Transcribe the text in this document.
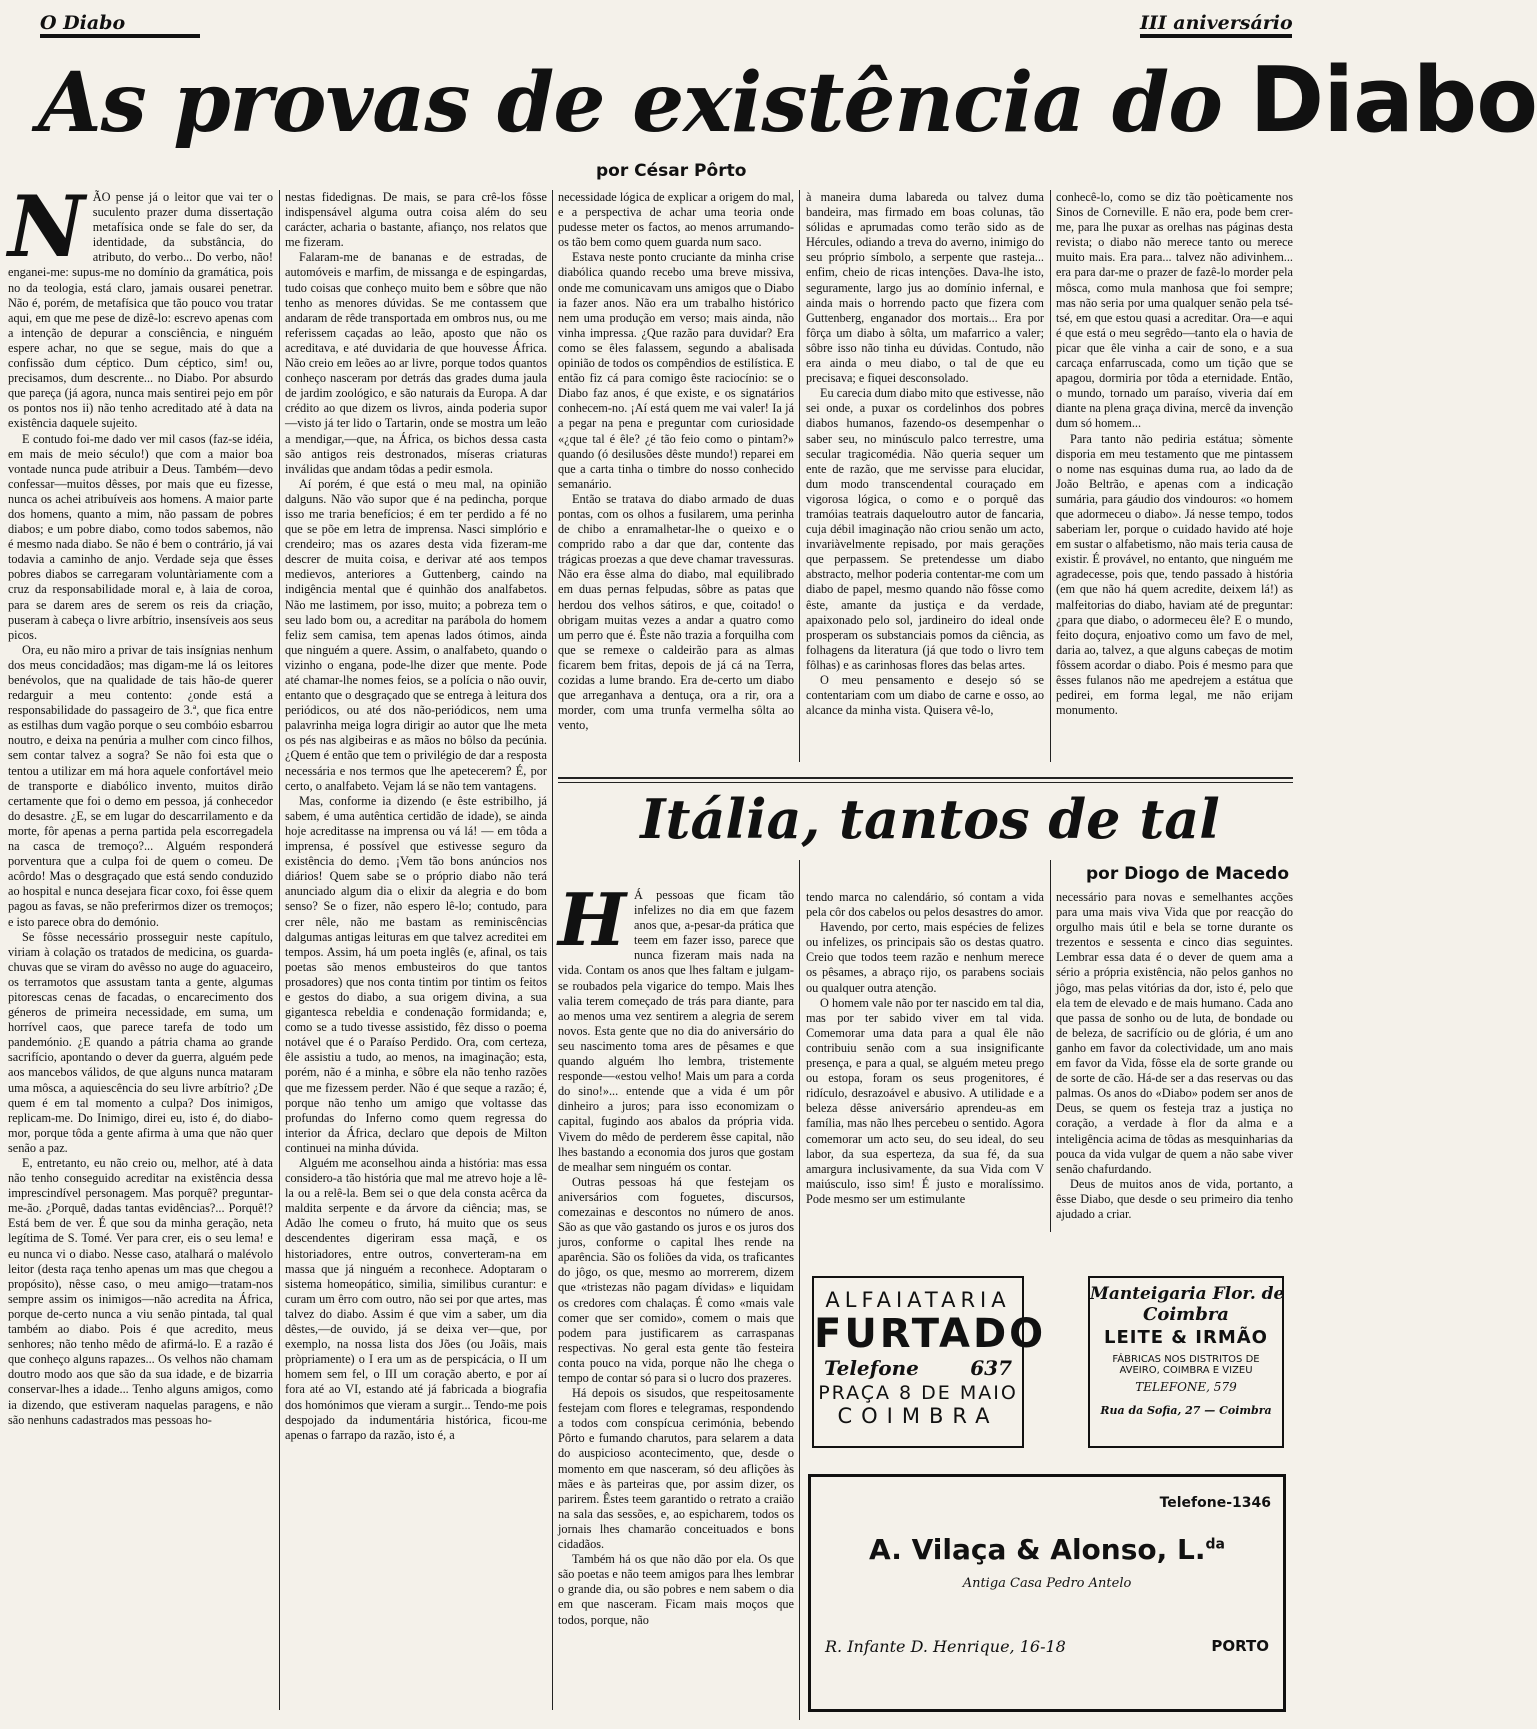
O Diabo	III aniversário
As provas de existência do Diabo
por César Pôrto
N ÃO pense já o leitor que vai ter o suculento prazer duma dissertação metafísica onde se fale do ser, da identidade, da substância, do atributo, do verbo... Do verbo, não! enganei-me: supus-me no domínio da gramática, pois no da teologia, está claro, jamais ousarei penetrar. Não é, porém, de metafísica que tão pouco vou tratar aqui, em que me pese de dizê-lo: escrevo apenas com a intenção de depurar a consciência, e ninguém espere achar, no que se segue, mais do que a confissão dum céptico. Dum céptico, sim! ou, precisamos, dum descrente... no Diabo. Por absurdo que pareça (já agora, nunca mais sentirei pejo em pôr os pontos nos ii) não tenho acreditado até à data na existência daquele sujeito.

E contudo foi-me dado ver mil casos (faz-se idéia, em mais de meio século!) que com a maior boa vontade nunca pude atribuir a Deus. Também—devo confessar—muitos dêsses, por mais que eu fizesse, nunca os achei atribuíveis aos homens. A maior parte dos homens, quanto a mim, não passam de pobres diabos; e um pobre diabo, como todos sabemos, não é mesmo nada diabo. Se não é bem o contrário, já vai todavia a caminho de anjo. Verdade seja que êsses pobres diabos se carregaram voluntàriamente com a cruz da responsabilidade moral e, à laia de coroa, para se darem ares de serem os reis da criação, puseram à cabeça o livre arbítrio, insensíveis aos seus picos.

Ora, eu não miro a privar de tais insígnias nenhum dos meus concidadãos; mas digam-me lá os leitores benévolos, que na qualidade de tais hão-de querer redarguir a meu contento: ¿onde está a responsabilidade do passageiro de 3.ª, que fica entre as estilhas dum vagão porque o seu combóio esbarrou noutro, e deixa na penúria a mulher com cinco filhos, sem contar talvez a sogra? Se não foi esta que o tentou a utilizar em má hora aquele confortável meio de transporte e diabólico invento, muitos dirão certamente que foi o demo em pessoa, já conhecedor do desastre. ¿E, se em lugar do descarrilamento e da morte, fôr apenas a perna partida pela escorregadela na casca de tremoço?... Alguém responderá porventura que a culpa foi de quem o comeu. De acôrdo! Mas o desgraçado que está sendo conduzido ao hospital e nunca desejara ficar coxo, foi êsse quem pagou as favas, se não preferirmos dizer os tremoços; e isto parece obra do demónio.

Se fôsse necessário prosseguir neste capítulo, viriam à colação os tratados de medicina, os guarda-chuvas que se viram do avêsso no auge do aguaceiro, os terramotos que assustam tanta a gente, algumas pitorescas cenas de facadas, o encarecimento dos géneros de primeira necessidade, em suma, um horrível caos, que parece tarefa de todo um pandemónio. ¿E quando a pátria chama ao grande sacrifício, apontando o dever da guerra, alguém pede aos mancebos válidos, de que alguns nunca mataram uma môsca, a aquiescência do seu livre arbítrio? ¿De quem é em tal momento a culpa? Dos inimigos, replicam-me. Do Inimigo, direi eu, isto é, do diabo-mor, porque tôda a gente afirma à uma que não quer senão a paz.

E, entretanto, eu não creio ou, melhor, até à data não tenho conseguido acreditar na existência dessa imprescindível personagem. Mas porquê? preguntar-me-ão. ¿Porquê, dadas tantas evidências?... Porquê!? Está bem de ver. É que sou da minha geração, neta legítima de S. Tomé. Ver para crer, eis o seu lema! e eu nunca vi o diabo. Nesse caso, atalhará o malévolo leitor (desta raça tenho apenas um mas que chegou a propósito), nêsse caso, o meu amigo—tratam-nos sempre assim os inimigos—não acredita na África, porque de-certo nunca a viu senão pintada, tal qual também ao diabo. Pois é que acredito, meus senhores; não tenho mêdo de afirmá-lo. E a razão é que conheço alguns rapazes... Os velhos não chamam doutro modo aos que são da sua idade, e de bizarria conservar-lhes a idade... Tenho alguns amigos, como ia dizendo, que estiveram naquelas paragens, e não são nenhuns cadastrados mas pessoas ho-

nestas fidedignas. De mais, se para crê-los fôsse indispensável alguma outra coisa além do seu carácter, acharia o bastante, afianço, nos relatos que me fizeram.

Falaram-me de bananas e de estradas, de automóveis e marfim, de missanga e de espingardas, tudo coisas que conheço muito bem e sôbre que não tenho as menores dúvidas. Se me contassem que andaram de rêde transportada em ombros nus, ou me referissem caçadas ao leão, aposto que não os acreditava, e até duvidaria de que houvesse África. Não creio em leões ao ar livre, porque todos quantos conheço nasceram por detrás das grades duma jaula de jardim zoológico, e são naturais da Europa. A dar crédito ao que dizem os livros, ainda poderia supor—visto já ter lido o Tartarin, onde se mostra um leão a mendigar,—que, na África, os bichos dessa casta são antigos reis destronados, míseras criaturas inválidas que andam tôdas a pedir esmola.

Aí porém, é que está o meu mal, na opinião dalguns. Não vão supor que é na pedincha, porque isso me traria benefícios; é em ter perdido a fé no que se põe em letra de imprensa. Nasci simplório e crendeiro; mas os azares desta vida fizeram-me descrer de muita coisa, e derivar até aos tempos medievos, anteriores a Guttenberg, caindo na indigência mental que é quinhão dos analfabetos. Não me lastimem, por isso, muito; a pobreza tem o seu lado bom ou, a acreditar na parábola do homem feliz sem camisa, tem apenas lados ótimos, ainda que ninguém a quere. Assim, o analfabeto, quando o vizinho o engana, pode-lhe dizer que mente. Pode até chamar-lhe nomes feios, se a polícia o não ouvir, entanto que o desgraçado que se entrega à leitura dos periódicos, ou até dos não-periódicos, nem uma palavrinha meiga logra dirigir ao autor que lhe meta os pés nas algibeiras e as mãos no bôlso da pecúnia. ¿Quem é então que tem o privilégio de dar a resposta necessária e nos termos que lhe apetecerem? É, por certo, o analfabeto. Vejam lá se não tem vantagens.

Mas, conforme ia dizendo (e êste estribilho, já sabem, é uma autêntica certidão de idade), se ainda hoje acreditasse na imprensa ou vá lá! — em tôda a imprensa, é possível que estivesse seguro da existência do demo. ¡Vem tão bons anúncios nos diários! Quem sabe se o próprio diabo não terá anunciado algum dia o elixir da alegria e do bom senso? Se o fizer, não espero lê-lo; contudo, para crer nêle, não me bastam as reminiscências dalgumas antigas leituras em que talvez acreditei em tempos. Assim, há um poeta inglês (e, afinal, os tais poetas são menos embusteiros do que tantos prosadores) que nos conta tintim por tintim os feitos e gestos do diabo, a sua origem divina, a sua gigantesca rebeldia e condenação formidanda; e, como se a tudo tivesse assistido, fêz disso o poema notável que é o Paraíso Perdido. Ora, com certeza, êle assistiu a tudo, ao menos, na imaginação; esta, porém, não é a minha, e sôbre ela não tenho razões que me fizessem perder. Não é que seque a razão; é, porque não tenho um amigo que voltasse das profundas do Inferno como quem regressa do interior da África, declaro que depois de Milton continuei na minha dúvida.

Alguém me aconselhou ainda a história: mas essa considero-a tão história que mal me atrevo hoje a lê-la ou a relê-la. Bem sei o que dela consta acêrca da maldita serpente e da árvore da ciência; mas, se Adão lhe comeu o fruto, há muito que os seus descendentes digeriram essa maçã, e os historiadores, entre outros, converteram-na em massa que já ninguém a reconhece. Adoptaram o sistema homeopático, similia, similibus curantur: e curam um êrro com outro, não sei por que artes, mas talvez do diabo. Assim é que vim a saber, um dia dêstes,—de ouvido, já se deixa ver—que, por exemplo, na nossa lista dos Jões (ou Joãis, mais pròpriamente) o I era um as de perspicácia, o II um homem sem fel, o III um coração aberto, e por aí fora até ao VI, estando até já fabricada a biografia dos homónimos que vieram a surgir... Tendo-me pois despojado da indumentária histórica, ficou-me apenas o farrapo da razão, isto é, a

necessidade lógica de explicar a origem do mal, e a perspectiva de achar uma teoria onde pudesse meter os factos, ao menos arrumando-os tão bem como quem guarda num saco.

Estava neste ponto cruciante da minha crise diabólica quando recebo uma breve missiva, onde me comunicavam uns amigos que o Diabo ia fazer anos. Não era um trabalho histórico nem uma produção em verso; mais ainda, não vinha impressa. ¿Que razão para duvidar? Era como se êles falassem, segundo a abalisada opinião de todos os compêndios de estilística. E então fiz cá para comigo êste raciocínio: se o Diabo faz anos, é que existe, e os signatários conhecem-no. ¡Aí está quem me vai valer! Ia já a pegar na pena e preguntar com curiosidade «¿que tal é êle? ¿é tão feio como o pintam?» quando (ó desilusões dêste mundo!) reparei em que a carta tinha o timbre do nosso conhecido semanário.

Então se tratava do diabo armado de duas pontas, com os olhos a fusilarem, uma perinha de chibo a enramalhetar-lhe o queixo e o comprido rabo a dar que dar, contente das trágicas proezas a que deve chamar travessuras. Não era êsse alma do diabo, mal equilibrado em duas pernas felpudas, sôbre as patas que herdou dos velhos sátiros, e que, coitado! o obrigam muitas vezes a andar a quatro como um perro que é. Êste não trazia a forquilha com que se remexe o caldeirão para as almas ficarem bem fritas, depois de já cá na Terra, cozidas a lume brando. Era de-certo um diabo que arreganhava a dentuça, ora a rir, ora a morder, com uma trunfa vermelha sôlta ao vento,

à maneira duma labareda ou talvez duma bandeira, mas firmado em boas colunas, tão sólidas e aprumadas como terão sido as de Hércules, odiando a treva do averno, inimigo do seu próprio símbolo, a serpente que rasteja... enfim, cheio de ricas intenções. Dava-lhe isto, seguramente, largo jus ao domínio infernal, e ainda mais o horrendo pacto que fizera com Guttenberg, enganador dos mortais... Era por fôrça um diabo à sôlta, um mafarrico a valer; sôbre isso não tinha eu dúvidas. Contudo, não era ainda o meu diabo, o tal de que eu precisava; e fiquei desconsolado.

Eu carecia dum diabo mito que estivesse, não sei onde, a puxar os cordelinhos dos pobres diabos humanos, fazendo-os desempenhar o saber seu, no minúsculo palco terrestre, uma secular tragicomédia. Não queria sequer um ente de razão, que me servisse para elucidar, dum modo transcendental couraçado em vigorosa lógica, o como e o porquê das tramóias teatrais daqueloutro autor de fancaria, cuja débil imaginação não criou senão um acto, invariàvelmente repisado, por mais gerações que perpassem. Se pretendesse um diabo abstracto, melhor poderia contentar-me com um diabo de papel, mesmo quando não fôsse como êste, amante da justiça e da verdade, apaixonado pelo sol, jardineiro do ideal onde prosperam os substanciais pomos da ciência, as folhagens da literatura (já que todo o livro tem fôlhas) e as carinhosas flores das belas artes.

O meu pensamento e desejo só se contentariam com um diabo de carne e osso, ao alcance da minha vista. Quisera vê-lo,

conhecê-lo, como se diz tão poèticamente nos Sinos de Corneville. E não era, pode bem crer-me, para lhe puxar as orelhas nas páginas desta revista; o diabo não merece tanto ou merece muito mais. Era para... talvez não adivinhem... era para dar-me o prazer de fazê-lo morder pela môsca, como mula manhosa que foi sempre; mas não seria por uma qualquer senão pela tsé-tsé, em que estou quasi a acreditar. Ora—e aqui é que está o meu segrêdo—tanto ela o havia de picar que êle vinha a cair de sono, e a sua carcaça enfarruscada, como um tição que se apagou, dormiria por tôda a eternidade. Então, o mundo, tornado um paraíso, viveria daí em diante na plena graça divina, mercê da invenção dum só homem...

Para tanto não pediria estátua; sòmente disporia em meu testamento que me pintassem o nome nas esquinas duma rua, ao lado da de João Beltrão, e apenas com a indicação sumária, para gáudio dos vindouros: «o homem que adormeceu o diabo». Já nesse tempo, todos saberiam ler, porque o cuidado havido até hoje em sustar o alfabetismo, não mais teria causa de existir. É provável, no entanto, que ninguém me agradecesse, pois que, tendo passado à história (em que não há quem acredite, deixem lá!) as malfeitorias do diabo, haviam até de preguntar: ¿para que diabo, o adormeceu êle? E o mundo, feito doçura, enjoativo como um favo de mel, daria ao, talvez, a que alguns cabeças de motim fôssem acordar o diabo. Pois é mesmo para que êsses fulanos não me apedrejem a estátua que pedirei, em forma legal, me não erijam monumento.

Itália, tantos de tal
por Diogo de Macedo
H Á pessoas que ficam tão infelizes no dia em que fazem anos que, a-pesar-da prática que teem em fazer isso, parece que nunca fizeram mais nada na vida. Contam os anos que lhes faltam e julgam-se roubados pela vigarice do tempo. Mais lhes valia terem começado de trás para diante, para ao menos uma vez sentirem a alegria de serem novos. Esta gente que no dia do aniversário do seu nascimento toma ares de pêsames e que quando alguém lho lembra, tristemente responde—«estou velho! Mais um para a corda do sino!»... entende que a vida é um pôr dinheiro a juros; para isso economizam o capital, fugindo aos abalos da própria vida. Vivem do mêdo de perderem êsse capital, não lhes bastando a economia dos juros que gostam de mealhar sem ninguém os contar.

Outras pessoas há que festejam os aniversários com foguetes, discursos, comezainas e descontos no número de anos. São as que vão gastando os juros e os juros dos juros, conforme o capital lhes rende na aparência. São os foliões da vida, os traficantes do jôgo, os que, mesmo ao morrerem, dizem que «tristezas não pagam dívidas» e liquidam os credores com chalaças. É como «mais vale comer que ser comido», comem o mais que podem para justificarem as carraspanas respectivas. No geral esta gente tão festeira conta pouco na vida, porque não lhe chega o tempo de contar só para si o lucro dos prazeres.

Há depois os sisudos, que respeitosamente festejam com flores e telegramas, respondendo a todos com conspícua cerimónia, bebendo Pôrto e fumando charutos, para selarem a data do auspicioso acontecimento, que, desde o momento em que nasceram, só deu aflições às mães e às parteiras que, por assim dizer, os parirem. Êstes teem garantido o retrato a craião na sala das sessões, e, ao espicharem, todos os jornais lhes chamarão conceituados e bons cidadãos.

Também há os que não dão por ela. Os que são poetas e não teem amigos para lhes lembrar o grande dia, ou são pobres e nem sabem o dia em que nasceram. Ficam mais moços que todos, porque, não

tendo marca no calendário, só contam a vida pela côr dos cabelos ou pelos desastres do amor.

Havendo, por certo, mais espécies de felizes ou infelizes, os principais são os destas quatro. Creio que todos teem razão e nenhum merece os pêsames, a abraço rijo, os parabens sociais ou qualquer outra atenção.

O homem vale não por ter nascido em tal dia, mas por ter sabido viver em tal vida. Comemorar uma data para a qual êle não contribuiu senão com a sua insignificante presença, e para a qual, se alguém meteu prego ou estopa, foram os seus progenitores, é ridículo, desrazoável e abusivo. A utilidade e a beleza dêsse aniversário aprendeu-as em família, mas não lhes percebeu o sentido. Agora comemorar um acto seu, do seu ideal, do seu labor, da sua esperteza, da sua fé, da sua amargura inclusivamente, da sua Vida com V maiúsculo, isso sim! É justo e moralíssimo. Pode mesmo ser um estimulante

necessário para novas e semelhantes acções para uma mais viva Vida que por reacção do orgulho mais útil e bela se torne durante os trezentos e sessenta e cinco dias seguintes. Lembrar essa data é o dever de quem ama a sério a própria existência, não pelos ganhos no jôgo, mas pelas vitórias da dor, isto é, pelo que ela tem de elevado e de mais humano. Cada ano que passa de sonho ou de luta, de bondade ou de beleza, de sacrifício ou de glória, é um ano ganho em favor da colectividade, um ano mais em favor da Vida, fôsse ela de sorte grande ou de sorte de cão. Há-de ser a das reservas ou das palmas. Os anos do «Diabo» podem ser anos de Deus, se quem os festeja traz a justiça no coração, a verdade à flor da alma e a inteligência acima de tôdas as mesquinharias da pouca da vida vulgar de quem a não sabe viver senão chafurdando.

Deus de muitos anos de vida, portanto, a êsse Diabo, que desde o seu primeiro dia tenho ajudado a criar.

ALFAIATARIA
FURTADO
Telefone	637
PRAÇA 8 DE MAIO
COIMBRA
Manteigaria Flor. de
Coimbra
LEITE & IRMÃO
FÁBRICAS NOS DISTRITOS DE
AVEIRO, COIMBRA E VIZEU
TELEFONE, 579
Rua da Sofia, 27 — Coimbra
Telefone-1346
A. Vilaça & Alonso, L.$^{da}$
Antiga Casa Pedro Antelo
R. Infante D. Henrique, 16-18	PORTO
